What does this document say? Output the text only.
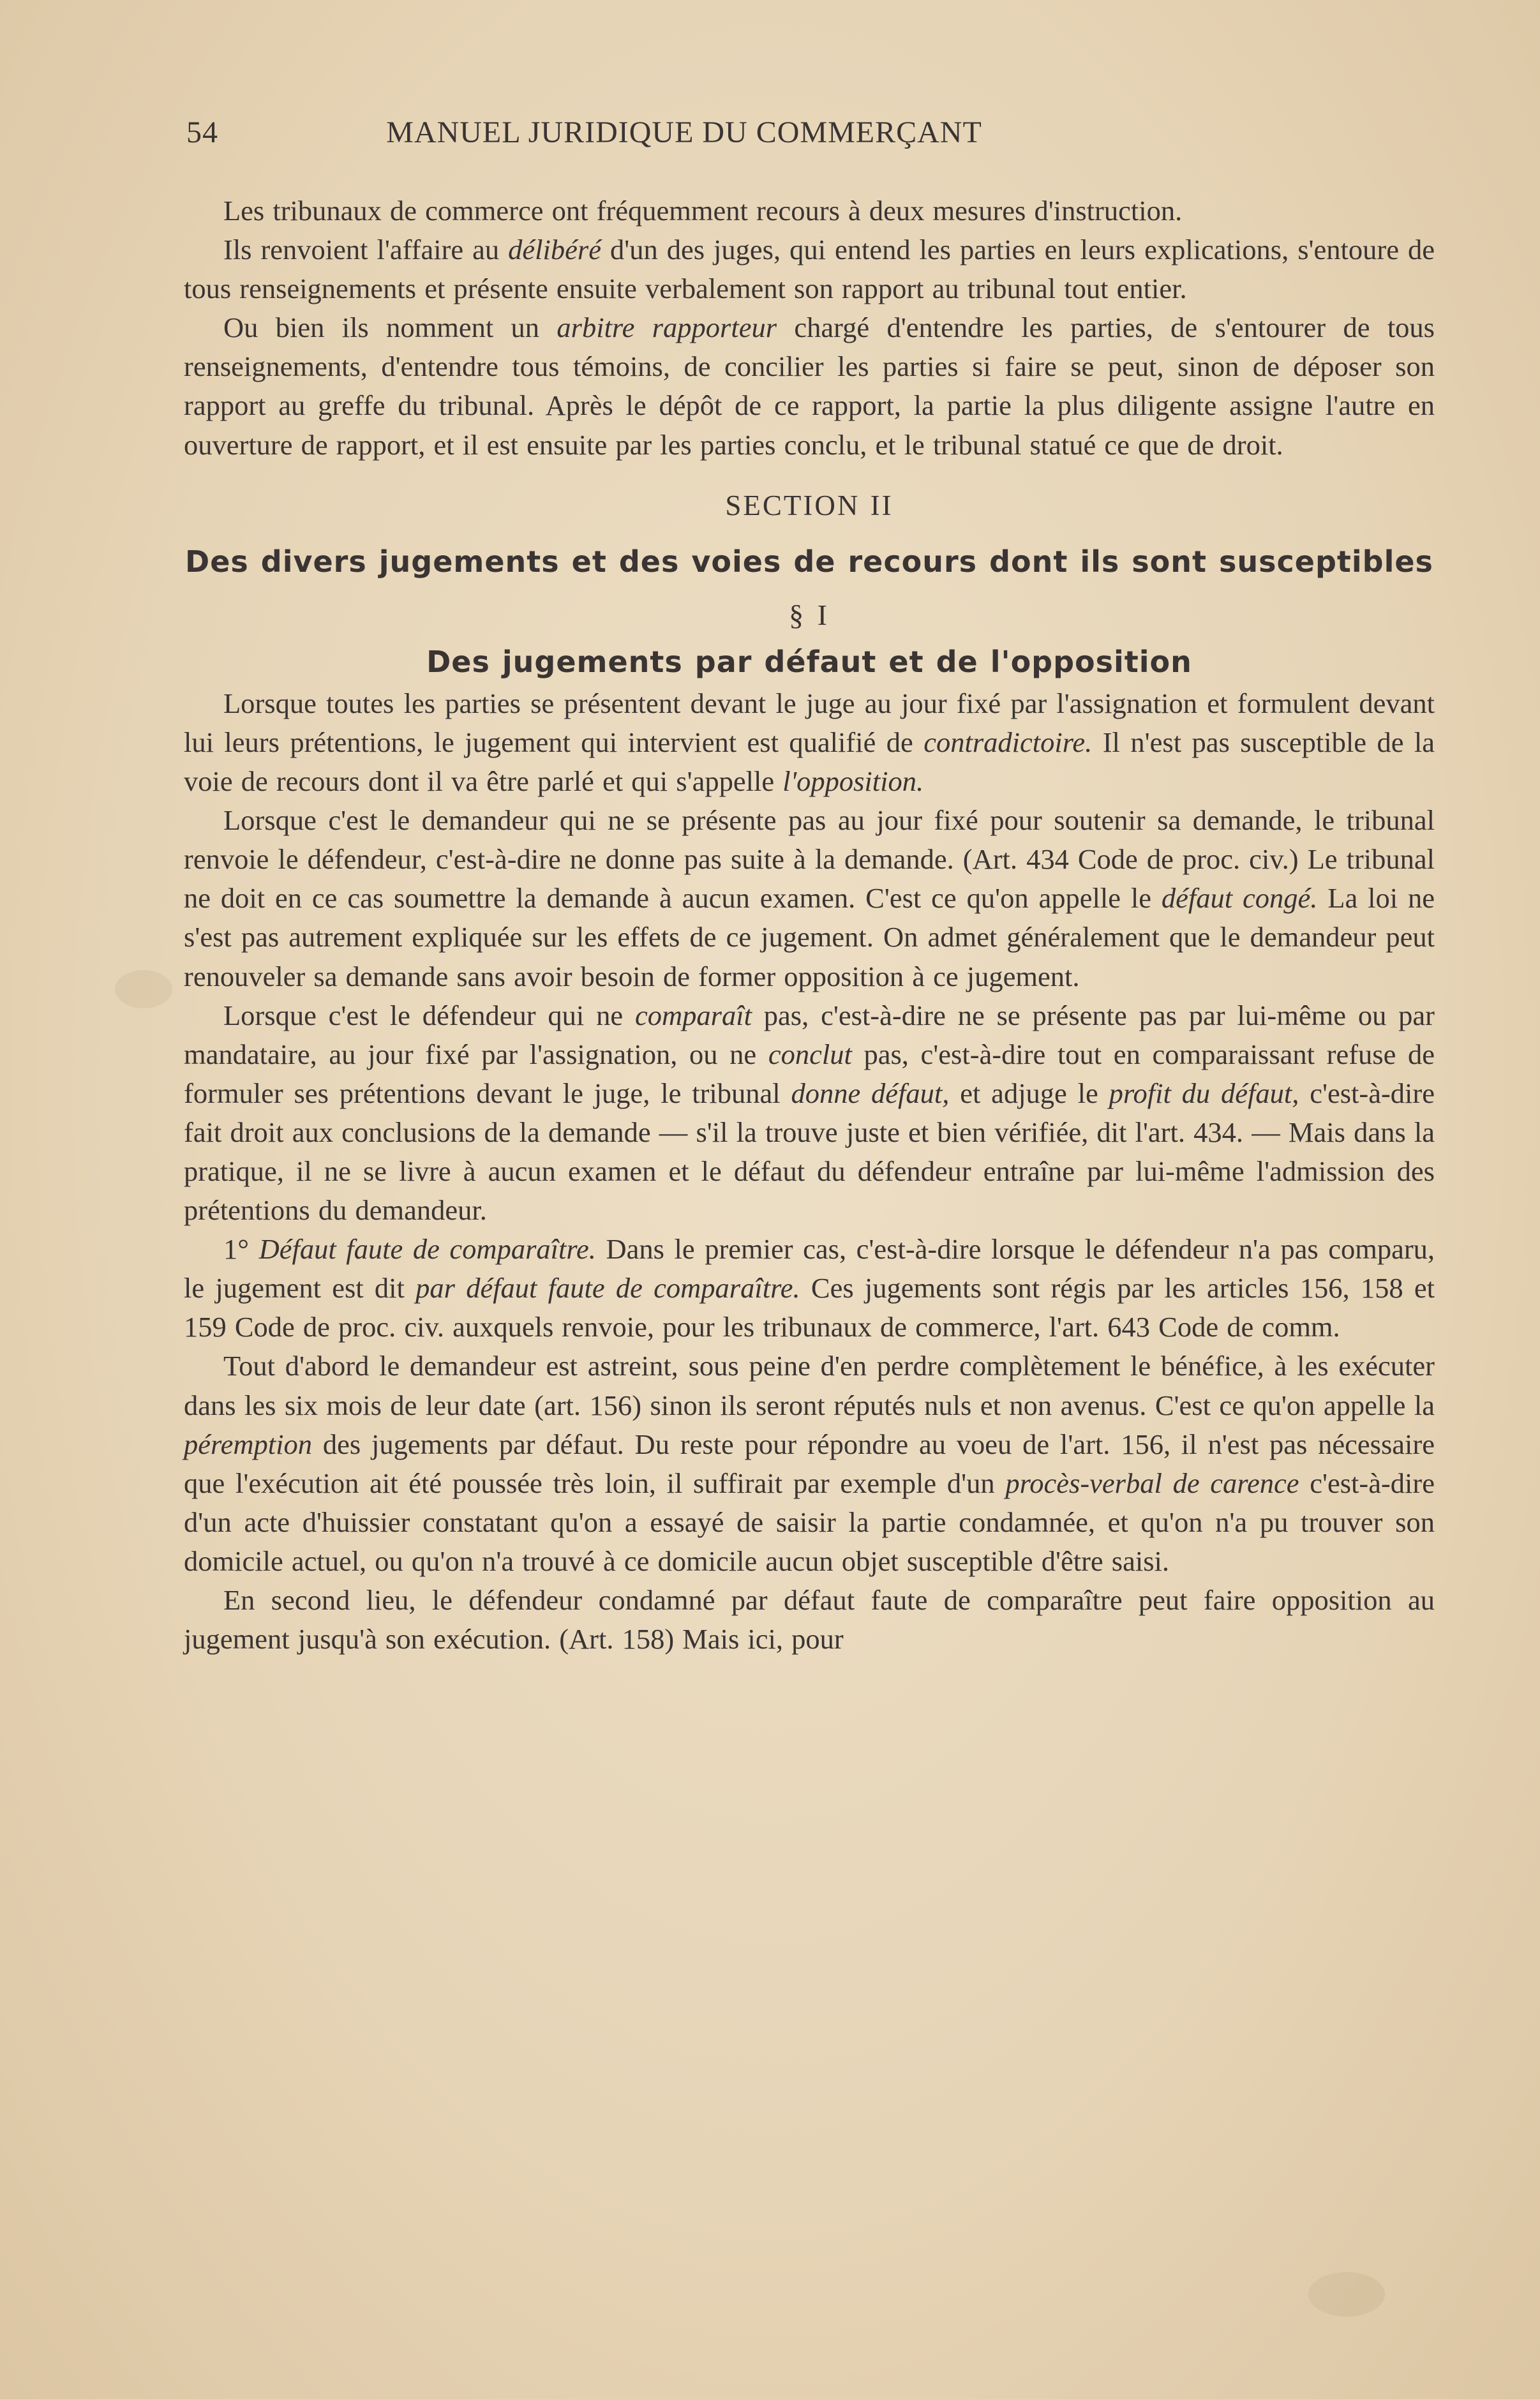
54	MANUEL JURIDIQUE DU COMMERÇANT

Les tribunaux de commerce ont fréquemment recours à deux mesures d'instruction.

Ils renvoient l'affaire au délibéré d'un des juges, qui entend les parties en leurs explications, s'entoure de tous renseignements et présente ensuite verbalement son rapport au tribunal tout entier.

Ou bien ils nomment un arbitre rapporteur chargé d'entendre les parties, de s'entourer de tous renseignements, d'entendre tous témoins, de concilier les parties si faire se peut, sinon de déposer son rapport au greffe du tribunal. Après le dépôt de ce rapport, la partie la plus diligente assigne l'autre en ouverture de rapport, et il est ensuite par les parties conclu, et le tribunal statué ce que de droit.

SECTION II
Des divers jugements et des voies de recours dont ils sont susceptibles
§ I
Des jugements par défaut et de l'opposition

Lorsque toutes les parties se présentent devant le juge au jour fixé par l'assignation et formulent devant lui leurs prétentions, le jugement qui intervient est qualifié de contradictoire. Il n'est pas susceptible de la voie de recours dont il va être parlé et qui s'appelle l'opposition.

Lorsque c'est le demandeur qui ne se présente pas au jour fixé pour soutenir sa demande, le tribunal renvoie le défendeur, c'est-à-dire ne donne pas suite à la demande. (Art. 434 Code de proc. civ.) Le tribunal ne doit en ce cas soumettre la demande à aucun examen. C'est ce qu'on appelle le défaut congé. La loi ne s'est pas autrement expliquée sur les effets de ce jugement. On admet généralement que le demandeur peut renouveler sa demande sans avoir besoin de former opposition à ce jugement.

Lorsque c'est le défendeur qui ne comparaît pas, c'est-à-dire ne se présente pas par lui-même ou par mandataire, au jour fixé par l'assignation, ou ne conclut pas, c'est-à-dire tout en comparaissant refuse de formuler ses prétentions devant le juge, le tribunal donne défaut, et adjuge le profit du défaut, c'est-à-dire fait droit aux conclusions de la demande — s'il la trouve juste et bien vérifiée, dit l'art. 434. — Mais dans la pratique, il ne se livre à aucun examen et le défaut du défendeur entraîne par lui-même l'admission des prétentions du demandeur.

1° Défaut faute de comparaître. Dans le premier cas, c'est-à-dire lorsque le défendeur n'a pas comparu, le jugement est dit par défaut faute de comparaître. Ces jugements sont régis par les articles 156, 158 et 159 Code de proc. civ. auxquels renvoie, pour les tribunaux de commerce, l'art. 643 Code de comm.

Tout d'abord le demandeur est astreint, sous peine d'en perdre complètement le bénéfice, à les exécuter dans les six mois de leur date (art. 156) sinon ils seront réputés nuls et non avenus. C'est ce qu'on appelle la péremption des jugements par défaut. Du reste pour répondre au voeu de l'art. 156, il n'est pas nécessaire que l'exécution ait été poussée très loin, il suffirait par exemple d'un procès-verbal de carence c'est-à-dire d'un acte d'huissier constatant qu'on a essayé de saisir la partie condamnée, et qu'on n'a pu trouver son domicile actuel, ou qu'on n'a trouvé à ce domicile aucun objet susceptible d'être saisi.

En second lieu, le défendeur condamné par défaut faute de comparaître peut faire opposition au jugement jusqu'à son exécution. (Art. 158) Mais ici, pour
